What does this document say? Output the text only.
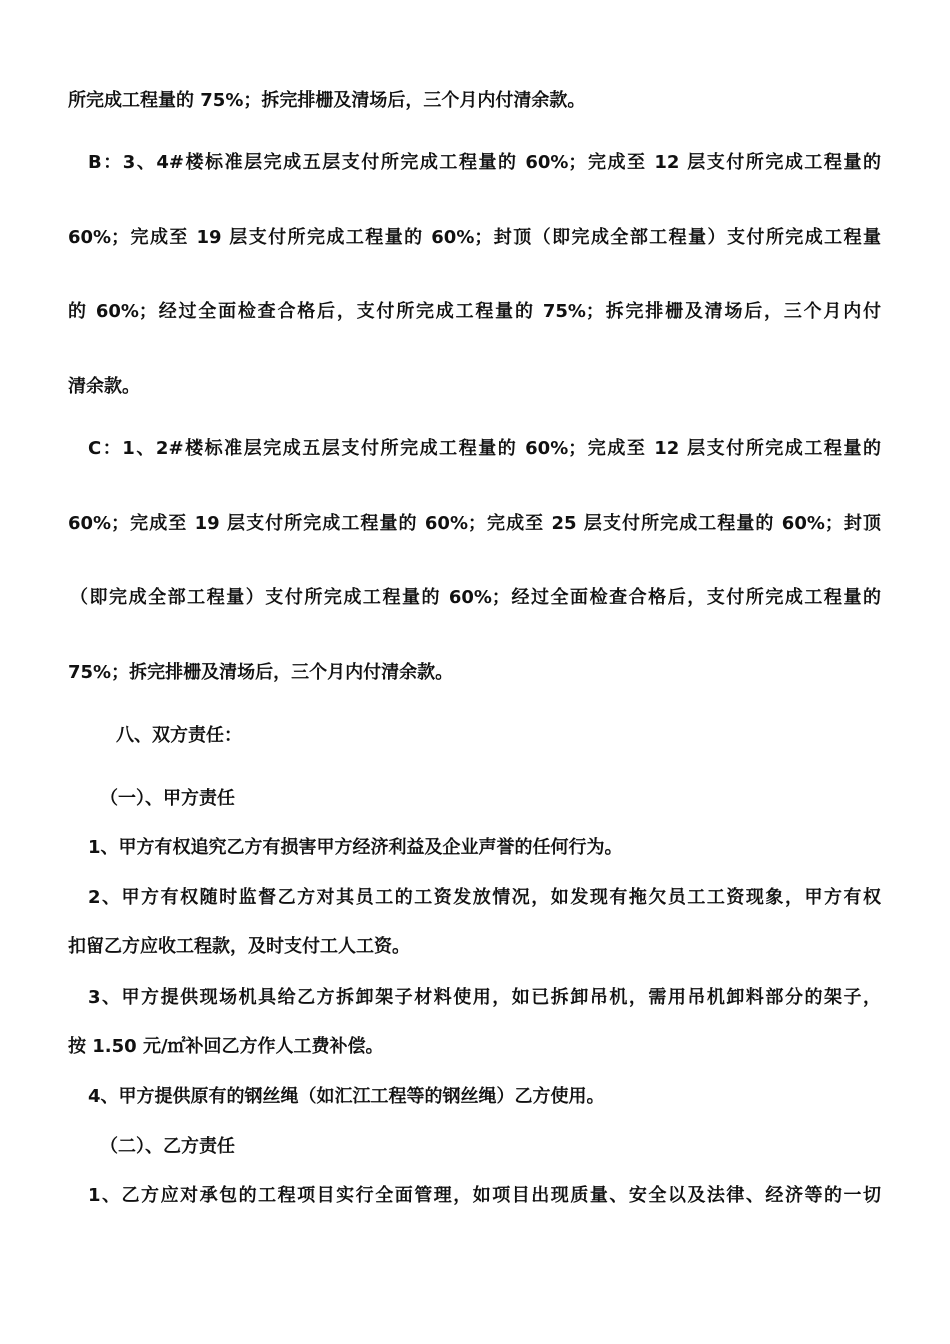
所完成工程量的 75%；拆完排栅及清场后，三个月内付清余款。

B：3、4#楼标准层完成五层支付所完成工程量的 60%；完成至 12 层支付所完成工程量的

60%；完成至 19 层支付所完成工程量的 60%；封顶（即完成全部工程量）支付所完成工程量

的 60%；经过全面检查合格后，支付所完成工程量的 75%；拆完排栅及清场后，三个月内付

清余款。

C：1、2#楼标准层完成五层支付所完成工程量的 60%；完成至 12 层支付所完成工程量的

60%；完成至 19 层支付所完成工程量的 60%；完成至 25 层支付所完成工程量的 60%；封顶

（即完成全部工程量）支付所完成工程量的 60%；经过全面检查合格后，支付所完成工程量的

75%；拆完排栅及清场后，三个月内付清余款。

八、双方责任：

（一）、甲方责任

1、甲方有权追究乙方有损害甲方经济利益及企业声誉的任何行为。

2、甲方有权随时监督乙方对其员工的工资发放情况，如发现有拖欠员工工资现象，甲方有权

扣留乙方应收工程款，及时支付工人工资。

3、甲方提供现场机具给乙方拆卸架子材料使用，如已拆卸吊机，需用吊机卸料部分的架子，

按 1.50 元/㎡补回乙方作人工费补偿。

4、甲方提供原有的钢丝绳（如汇江工程等的钢丝绳）乙方使用。

（二）、乙方责任

1、乙方应对承包的工程项目实行全面管理，如项目出现质量、安全以及法律、经济等的一切
